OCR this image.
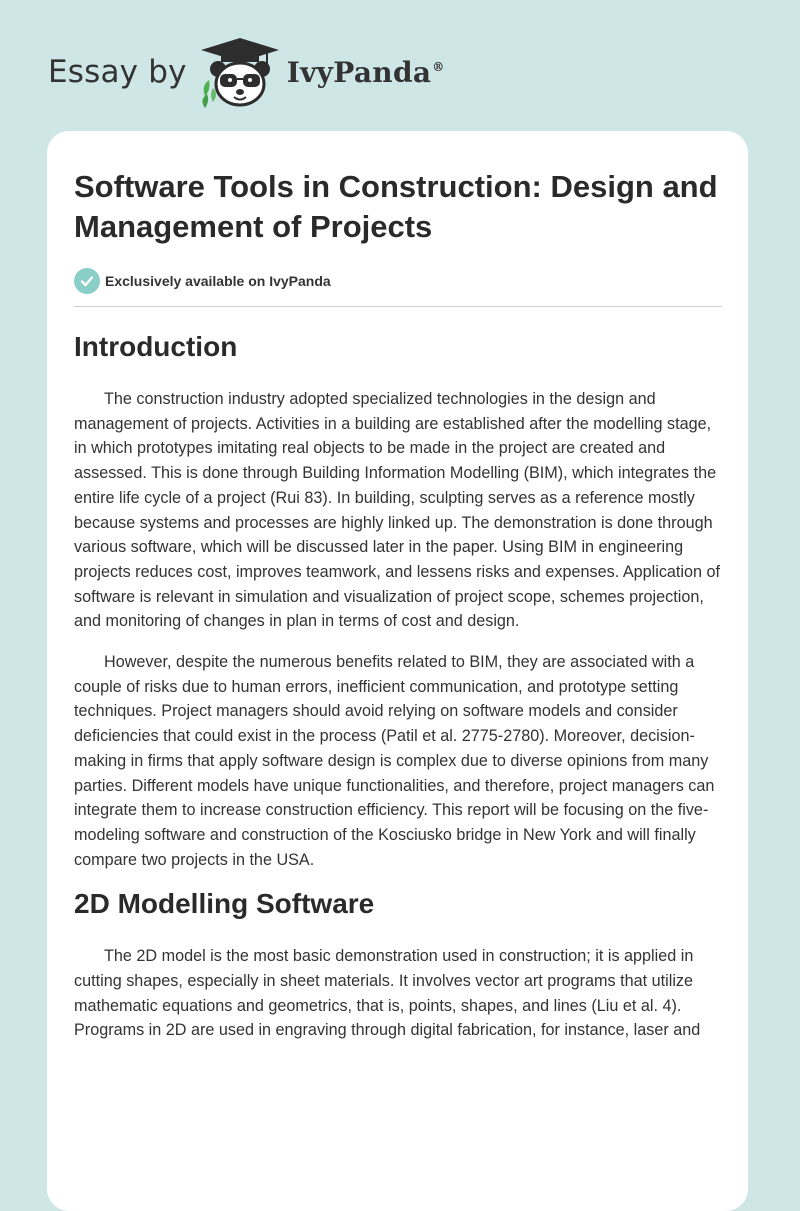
Essay by	IvyPanda®
Software Tools in Construction: Design and Management of Projects
Exclusively available on IvyPanda
Introduction

The construction industry adopted specialized technologies in the design and management of projects. Activities in a building are established after the modelling stage, in which prototypes imitating real objects to be made in the project are created and assessed. This is done through Building Information Modelling (BIM), which integrates the entire life cycle of a project (Rui 83). In building, sculpting serves as a reference mostly because systems and processes are highly linked up. The demonstration is done through various software, which will be discussed later in the paper. Using BIM in engineering projects reduces cost, improves teamwork, and lessens risks and expenses. Application of software is relevant in simulation and visualization of project scope, schemes projection, and monitoring of changes in plan in terms of cost and design.

However, despite the numerous benefits related to BIM, they are associated with a couple of risks due to human errors, inefficient communication, and prototype setting techniques. Project managers should avoid relying on software models and consider deficiencies that could exist in the process (Patil et al. 2775-2780). Moreover, decision-making in firms that apply software design is complex due to diverse opinions from many parties. Different models have unique functionalities, and therefore, project managers can integrate them to increase construction efficiency. This report will be focusing on the five-modeling software and construction of the Kosciusko bridge in New York and will finally compare two projects in the USA.

2D Modelling Software

The 2D model is the most basic demonstration used in construction; it is applied in cutting shapes, especially in sheet materials. It involves vector art programs that utilize mathematic equations and geometrics, that is, points, shapes, and lines (Liu et al. 4). Programs in 2D are used in engraving through digital fabrication, for instance, laser and
